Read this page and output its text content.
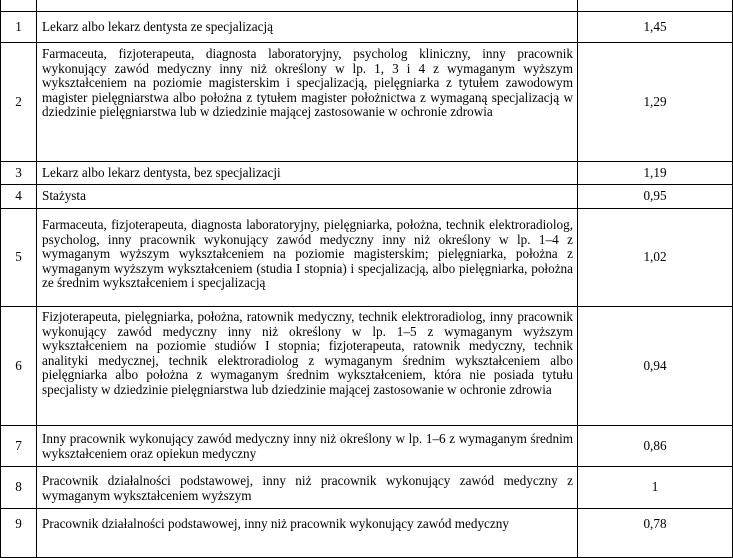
1	Lekarz albo lekarz dentysta ze specjalizacją	1,45
2	Farmaceuta, fizjoterapeuta, diagnosta laboratoryjny, psycholog kliniczny, inny pracownik wykonujący zawód medyczny inny niż określony w lp. 1, 3 i 4 z wymaganym wyższym wykształceniem na poziomie magisterskim i specjalizacją, pielęgniarka z tytułem zawodowym magister pielęgniarstwa albo położna z tytułem magister położnictwa z wymaganą specjalizacją w dziedzinie pielęgniarstwa lub w dziedzinie mającej zastosowanie w ochronie zdrowia	1,29
3	Lekarz albo lekarz dentysta, bez specjalizacji	1,19
4	Stażysta	0,95
5	Farmaceuta, fizjoterapeuta, diagnosta laboratoryjny, pielęgniarka, położna, technik elektroradiolog, psycholog, inny pracownik wykonujący zawód medyczny inny niż określony w lp. 1–4 z wymaganym wyższym wykształceniem na poziomie magisterskim; pielęgniarka, położna z wymaganym wyższym wykształceniem (studia I stopnia) i specjalizacją, albo pielęgniarka, położna ze średnim wykształceniem i specjalizacją	1,02
6	Fizjoterapeuta, pielęgniarka, położna, ratownik medyczny, technik elektroradiolog, inny pracownik wykonujący zawód medyczny inny niż określony w lp. 1–5 z wymaganym wyższym wykształceniem na poziomie studiów I stopnia; fizjoterapeuta, ratownik medyczny, technik analityki medycznej, technik elektroradiolog z wymaganym średnim wykształceniem albo pielęgniarka albo położna z wymaganym średnim wykształceniem, która nie posiada tytułu specjalisty w dziedzinie pielęgniarstwa lub dziedzinie mającej zastosowanie w ochronie zdrowia	0,94
7	Inny pracownik wykonujący zawód medyczny inny niż określony w lp. 1–6 z wymaganym średnim wykształceniem oraz opiekun medyczny	0,86
8	Pracownik działalności podstawowej, inny niż pracownik wykonujący zawód medyczny z wymaganym wykształceniem wyższym	1
9	Pracownik działalności podstawowej, inny niż pracownik wykonujący zawód medyczny	0,78
